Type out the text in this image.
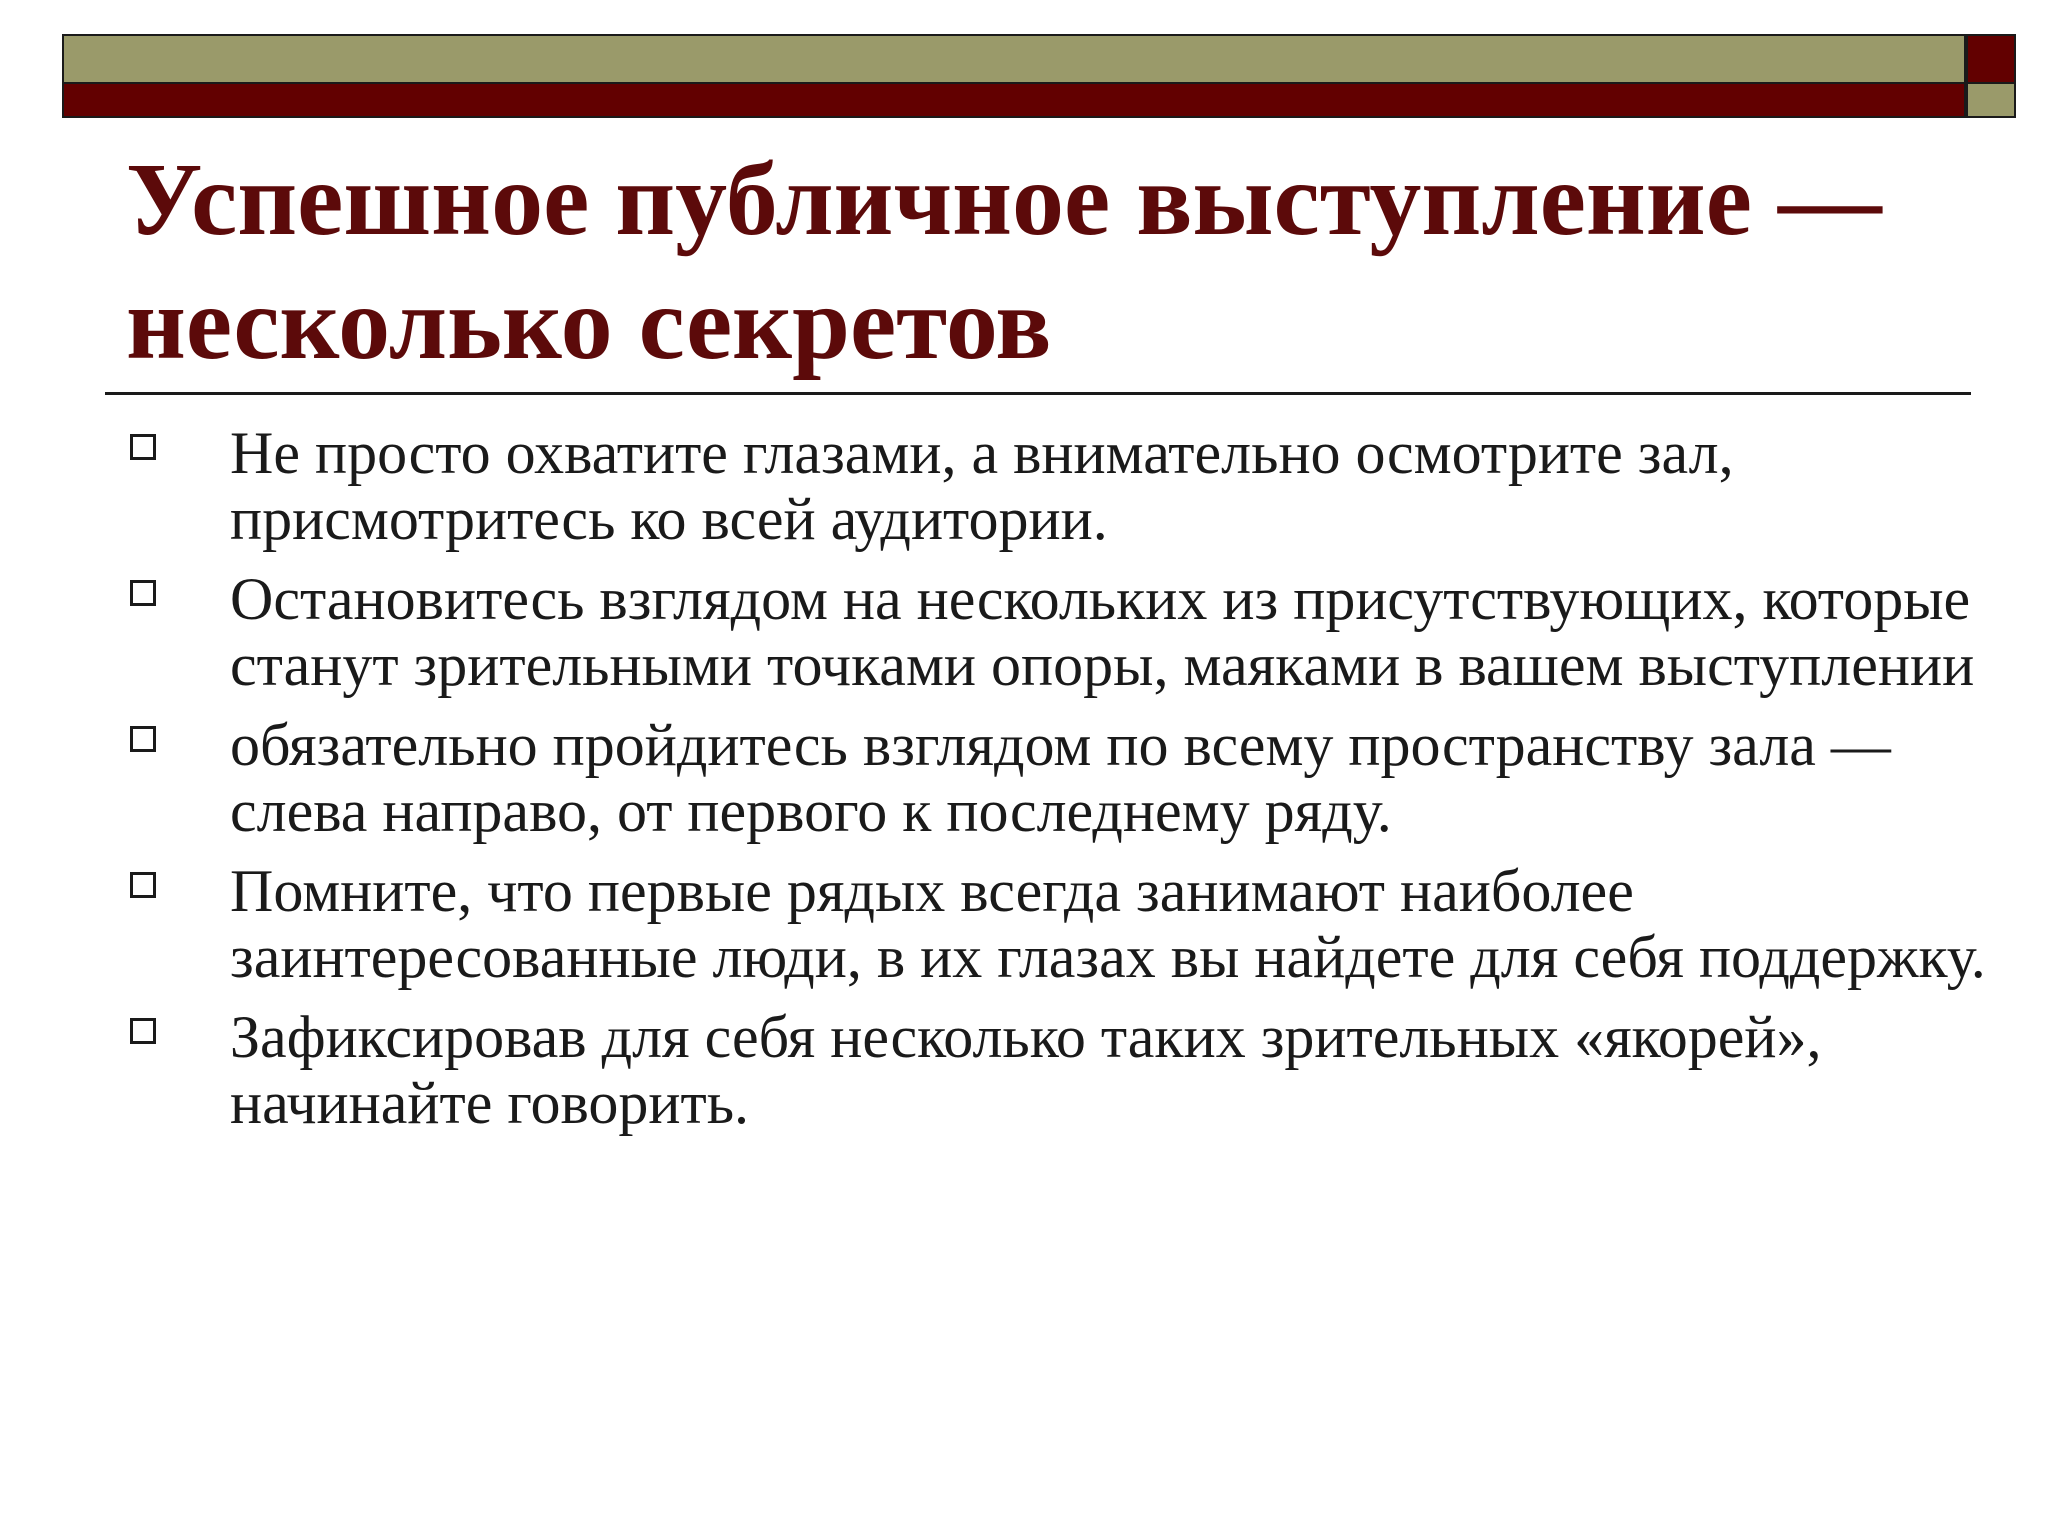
Успешное публичное выступление — несколько секретов
Не просто охватите глазами, а внимательно осмотрите зал, присмотритесь ко всей аудитории.
Остановитесь взглядом на нескольких из присутствующих, которые станут зрительными точками опоры, маяками в вашем выступлении
обязательно пройдитесь взглядом по всему пространству зала — слева направо, от первого к последнему ряду.
Помните, что первые рядых всегда занимают наиболее заинтересованные люди, в их глазах вы найдете для себя поддержку.
Зафиксировав для себя несколько таких зрительных «якорей», начинайте говорить.
